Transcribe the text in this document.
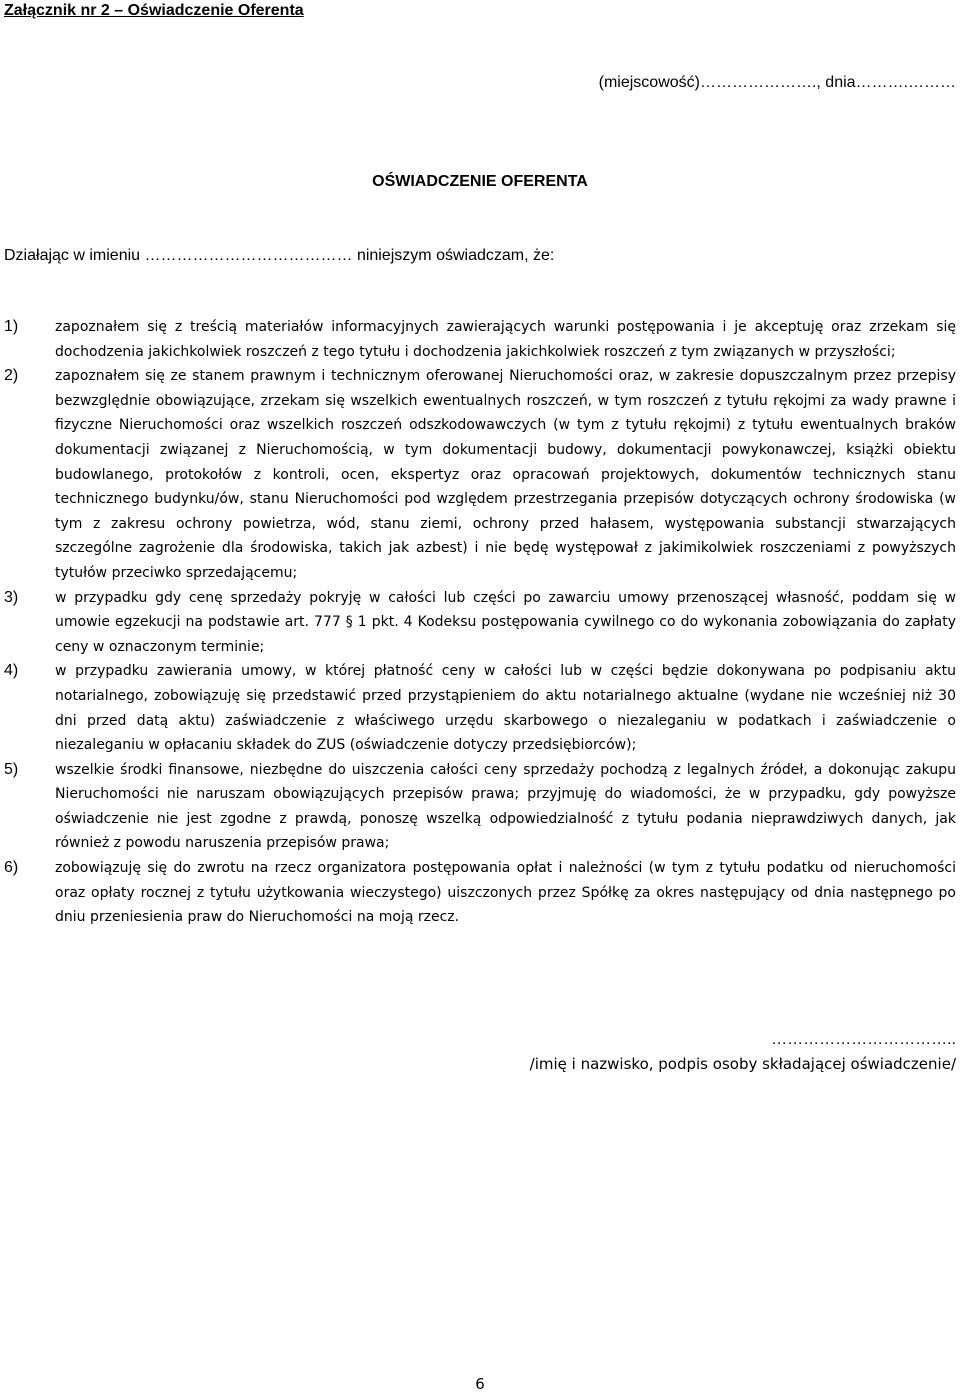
Załącznik nr 2 – Oświadczenie Oferenta
(miejscowość)…………………., dnia……….………
OŚWIADCZENIE OFERENTA
Działając w imieniu ………………………………… niniejszym oświadczam, że:
1)	zapoznałem się z treścią materiałów informacyjnych zawierających warunki postępowania i je akceptuję oraz zrzekam się dochodzenia jakichkolwiek roszczeń z tego tytułu i dochodzenia jakichkolwiek roszczeń z tym związanych w przyszłości;
2)	zapoznałem się ze stanem prawnym i technicznym oferowanej Nieruchomości oraz, w zakresie dopuszczalnym przez przepisy bezwzględnie obowiązujące, zrzekam się wszelkich ewentualnych roszczeń, w tym roszczeń z tytułu rękojmi za wady prawne i fizyczne Nieruchomości oraz wszelkich roszczeń odszkodowawczych (w tym z tytułu rękojmi) z tytułu ewentualnych braków dokumentacji związanej z Nieruchomością, w tym dokumentacji budowy, dokumentacji powykonawczej, książki obiektu budowlanego, protokołów z kontroli, ocen, ekspertyz oraz opracowań projektowych, dokumentów technicznych stanu technicznego budynku/ów, stanu Nieruchomości pod względem przestrzegania przepisów dotyczących ochrony środowiska (w tym z zakresu ochrony powietrza, wód, stanu ziemi, ochrony przed hałasem, występowania substancji stwarzających szczególne zagrożenie dla środowiska, takich jak azbest) i nie będę występował z jakimikolwiek roszczeniami z powyższych tytułów przeciwko sprzedającemu;
3)	w przypadku gdy cenę sprzedaży pokryję w całości lub części po zawarciu umowy przenoszącej własność, poddam się w umowie egzekucji na podstawie art. 777 § 1 pkt. 4 Kodeksu postępowania cywilnego co do wykonania zobowiązania do zapłaty ceny w oznaczonym terminie;
4)	w przypadku zawierania umowy, w której płatność ceny w całości lub w części będzie dokonywana po podpisaniu aktu notarialnego, zobowiązuję się przedstawić przed przystąpieniem do aktu notarialnego aktualne (wydane nie wcześniej niż 30 dni przed datą aktu) zaświadczenie z właściwego urzędu skarbowego o niezaleganiu w podatkach i zaświadczenie o niezaleganiu w opłacaniu składek do ZUS (oświadczenie dotyczy przedsiębiorców);
5)	wszelkie środki finansowe, niezbędne do uiszczenia całości ceny sprzedaży pochodzą z legalnych źródeł, a dokonując zakupu Nieruchomości nie naruszam obowiązujących przepisów prawa; przyjmuję do wiadomości, że w przypadku, gdy powyższe oświadczenie nie jest zgodne z prawdą, ponoszę wszelką odpowiedzialność z tytułu podania nieprawdziwych danych, jak również z powodu naruszenia przepisów prawa;
6)	zobowiązuję się do zwrotu na rzecz organizatora postępowania opłat i należności (w tym z tytułu podatku od nieruchomości oraz opłaty rocznej z tytułu użytkowania wieczystego) uiszczonych przez Spółkę za okres następujący od dnia następnego po dniu przeniesienia praw do Nieruchomości na moją rzecz.
……………………………..
/imię i nazwisko, podpis osoby składającej oświadczenie/
6
